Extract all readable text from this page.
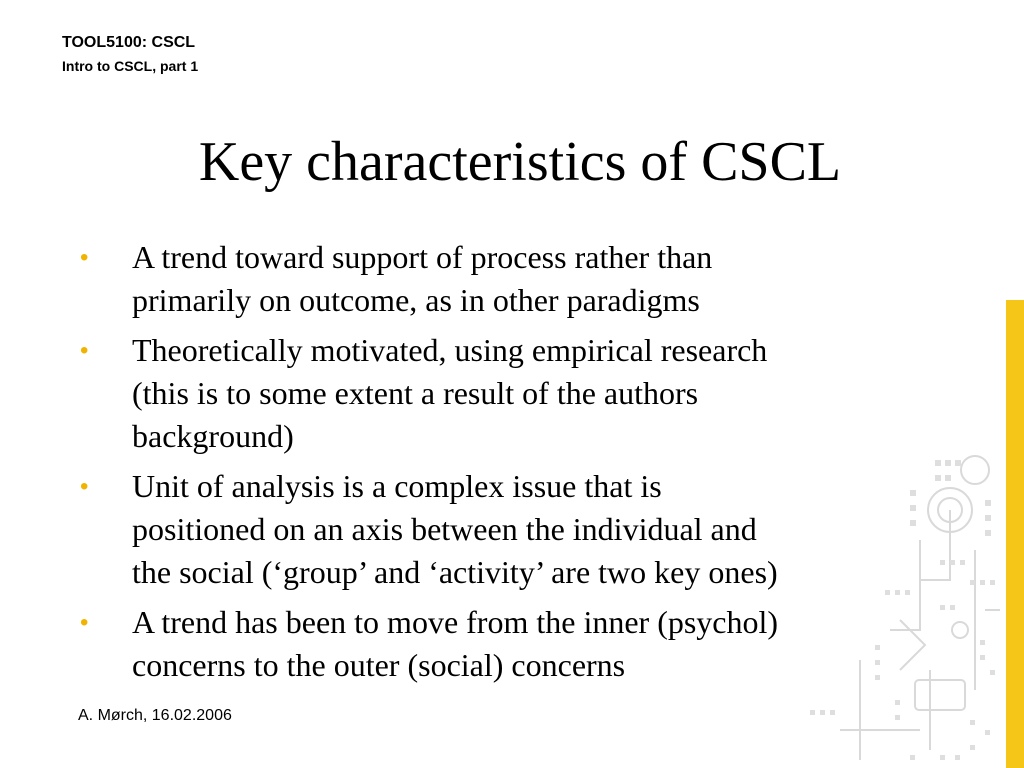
TOOL5100: CSCL
Intro to CSCL, part 1
Key characteristics of CSCL
• A trend toward support of process rather than
primarily on outcome, as in other paradigms
• Theoretically motivated, using empirical research
(this is to some extent a result of the authors
background)
• Unit of analysis is a complex issue that is
positioned on an axis between the individual and
the social (‘group’ and ‘activity’ are two key ones)
• A trend has been to move from the inner (psychol)
concerns to the outer (social) concerns
A. Mørch, 16.02.2006
